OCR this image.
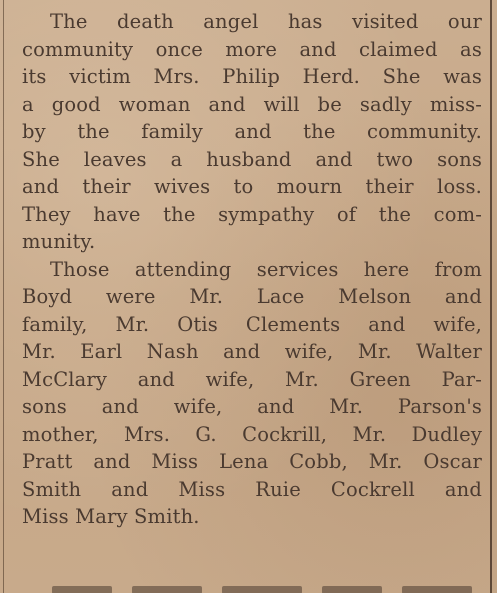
The death angel has visited our
community once more and claimed as
its victim Mrs. Philip Herd. She was
a good woman and will be sadly miss-
by the family and the community.
She leaves a husband and two sons
and their wives to mourn their loss.
They have the sympathy of the com-
munity.
Those attending services here from
Boyd were Mr. Lace Melson and
family, Mr. Otis Clements and wife,
Mr. Earl Nash and wife, Mr. Walter
McClary and wife, Mr. Green Par-
sons and wife, and Mr. Parson's
mother, Mrs. G. Cockrill, Mr. Dudley
Pratt and Miss Lena Cobb, Mr. Oscar
Smith and Miss Ruie Cockrell and
Miss Mary Smith.
